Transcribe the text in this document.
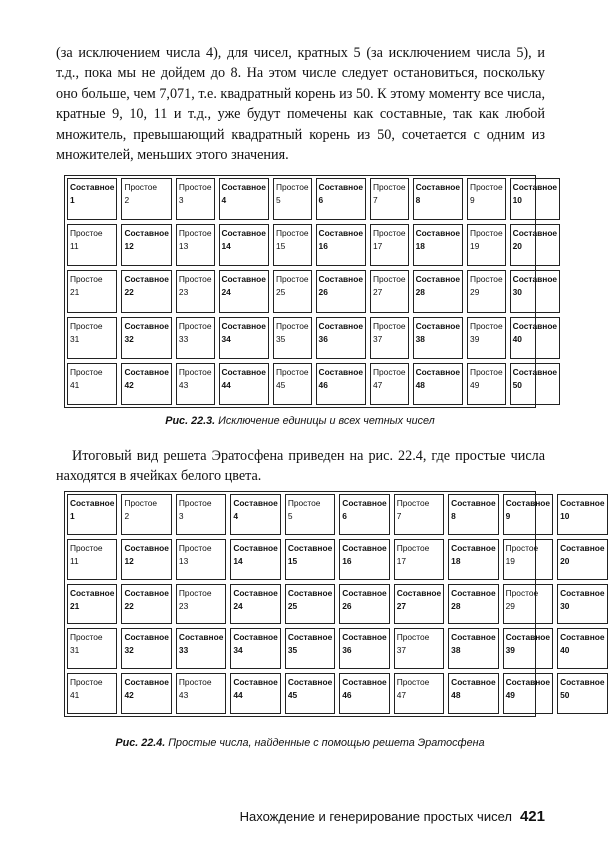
(за исключением числа 4), для чисел, кратных 5 (за исключением числа 5), и т.д., пока мы не дойдем до 8. На этом числе следует остановиться, поскольку оно больше, чем 7,071, т.е. квадратный корень из 50. К этому моменту все числа, кратные 9, 10, 11 и т.д., уже будут помечены как составные, так как любой множитель, превышающий квадратный корень из 50, сочетается с одним из множителей, меньших этого значения.

Составное
1
Простое
2
Простое
3
Составное
4
Простое
5
Составное
6
Простое
7
Составное
8
Простое
9
Составное
10
Простое
11
Составное
12
Простое
13
Составное
14
Простое
15
Составное
16
Простое
17
Составное
18
Простое
19
Составное
20
Простое
21
Составное
22
Простое
23
Составное
24
Простое
25
Составное
26
Простое
27
Составное
28
Простое
29
Составное
30
Простое
31
Составное
32
Простое
33
Составное
34
Простое
35
Составное
36
Простое
37
Составное
38
Простое
39
Составное
40
Простое
41
Составное
42
Простое
43
Составное
44
Простое
45
Составное
46
Простое
47
Составное
48
Простое
49
Составное
50
Рис. 22.3. Исключение единицы и всех четных чисел

Итоговый вид решета Эратосфена приведен на рис. 22.4, где простые числа находятся в ячейках белого цвета.

Составное
1
Простое
2
Простое
3
Составное
4
Простое
5
Составное
6
Простое
7
Составное
8
Составное
9
Составное
10
Простое
11
Составное
12
Простое
13
Составное
14
Составное
15
Составное
16
Простое
17
Составное
18
Простое
19
Составное
20
Составное
21
Составное
22
Простое
23
Составное
24
Составное
25
Составное
26
Составное
27
Составное
28
Простое
29
Составное
30
Простое
31
Составное
32
Составное
33
Составное
34
Составное
35
Составное
36
Простое
37
Составное
38
Составное
39
Составное
40
Простое
41
Составное
42
Простое
43
Составное
44
Составное
45
Составное
46
Простое
47
Составное
48
Составное
49
Составное
50
Рис. 22.4. Простые числа, найденные с помощью решета Эратосфена
Нахождение и генерирование простых чисел 421
